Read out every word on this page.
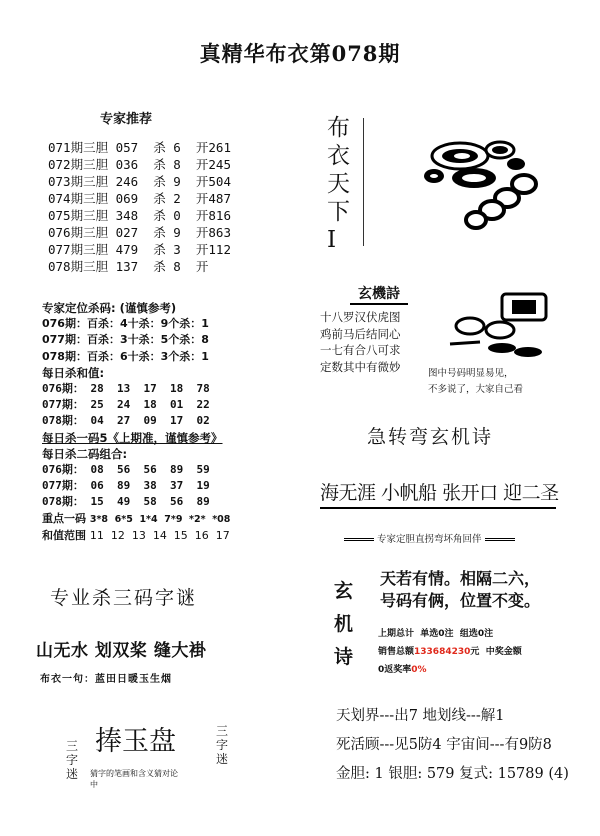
真精华布衣第078期
专家推荐
071期三胆 057 杀 6 开261
072期三胆 036 杀 8 开245
073期三胆 246 杀 9 开504
074期三胆 069 杀 2 开487
075期三胆 348 杀 0 开816
076期三胆 027 杀 9 开863
077期三胆 479 杀 3 开112
078期三胆 137 杀 8 开
专家定位杀码: (谨慎参考)
076期：百杀：4十杀：9个杀：1
077期：百杀：3十杀：5个杀：8
078期：百杀：6十杀：3个杀：1
每日杀和值:
076期： 28  13  17  18  78
077期： 25  24  18  01  22
078期： 04  27  09  17  02
每日杀一码5《上期准，谨慎参考》
每日杀二码组合:
076期： 08  56  56  89  59
077期： 06  89  38  37  19
078期： 15  49  58  56  89
重点一码 3*8  6*5  1*4  7*9  *2*  *08
和值范围 11  12  13  14  15  16  17
布
衣
天
下
I
玄機詩
十八罗汉伏虎图
鸡前马后结同心
一七有合八可求
定数其中有微妙	图中号码明显易见，
不多说了，大家自己看
急转弯玄机诗
海无涯 小帆船 张开口 迎二圣
专家定胆直拐弯坏角回伴
玄
机
诗
天若有情。相隔二六，
号码有俩，位置不变。
上期总计 单选0注 组选0注
销售总额133684230元 中奖金额
0返奖率0%
天划界---出7 地划线---解1
死活顾---见5防4 宇宙间---有9防8
金胆: 1 银胆: 579 复式: 15789 (4)
专业杀三码字谜
山无水 划双桨 缝大褂
布衣一句：蓝田日暖玉生烟
三
字
迷
三
字
迷
捧玉盘
猜字的笔画和含义猜对论中
